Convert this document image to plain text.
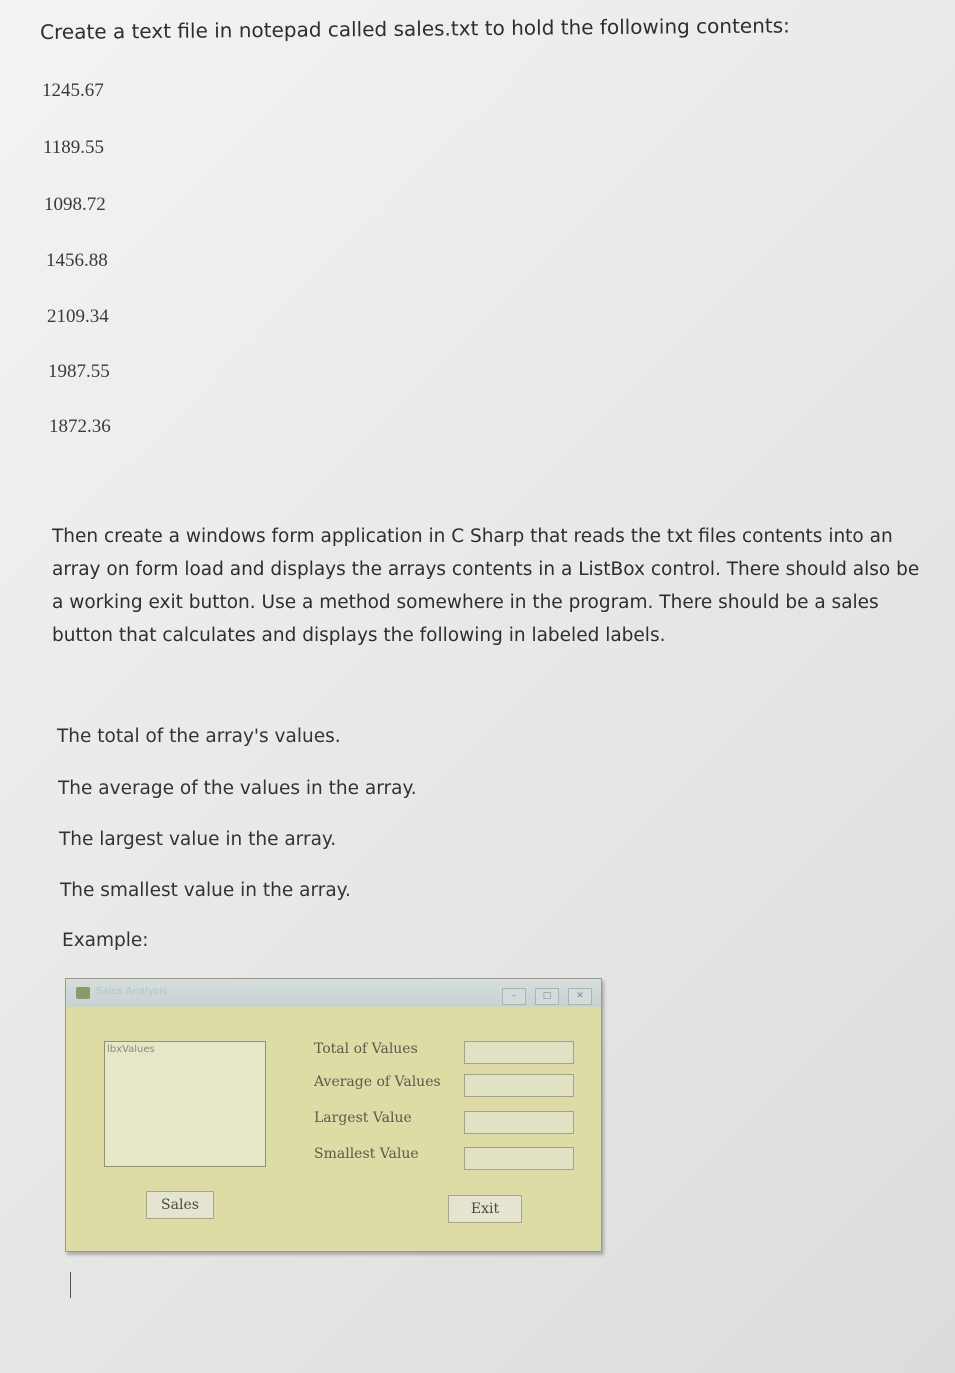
Create a text file in notepad called sales.txt to hold the following contents:
1245.67
1189.55
1098.72
1456.88
2109.34
1987.55
1872.36
Then create a windows form application in C Sharp that reads the txt files contents into an
array on form load and displays the arrays contents in a ListBox control. There should also be
a working exit button. Use a method somewhere in the program. There should be a sales
button that calculates and displays the following in labeled labels.
The total of the array's values.
The average of the values in the array.
The largest value in the array.
The smallest value in the array.
Example:
Sales Analysis	–	□	✕
lbxValues	Total of Values
Average of Values
Largest Value
Smallest Value
Sales	Exit
